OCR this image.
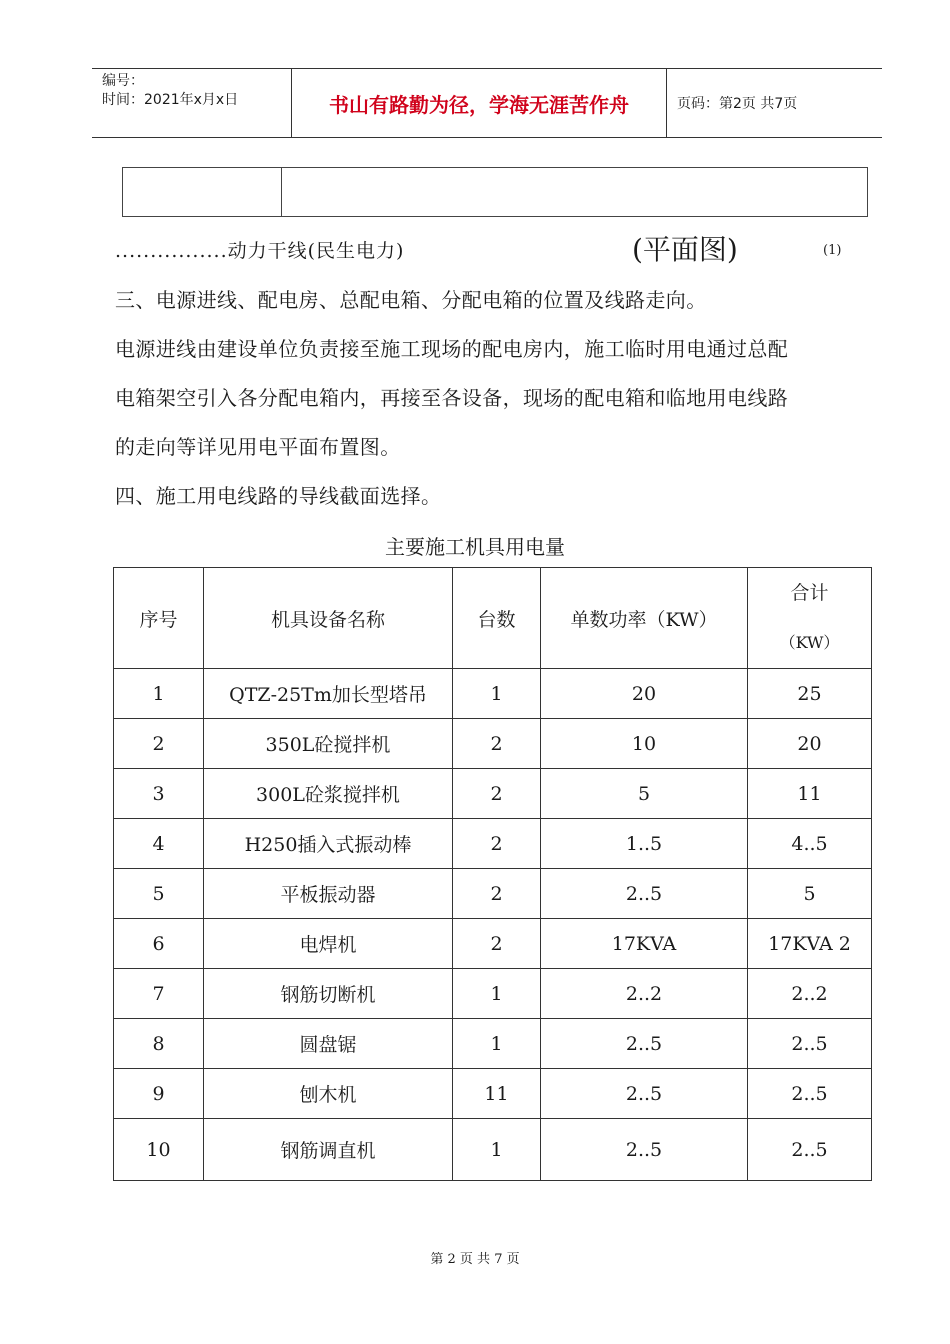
编号：
时间：2021年x月x日	书山有路勤为径，学海无涯苦作舟	页码：第2页 共7页
................动力干线(民生电力)	(平面图)	(1)
三、电源进线、配电房、总配电箱、分配电箱的位置及线路走向。
电源进线由建设单位负责接至施工现场的配电房内，施工临时用电通过总配
电箱架空引入各分配电箱内，再接至各设备，现场的配电箱和临地用电线路
的走向等详见用电平面布置图。
四、施工用电线路的导线截面选择。
主要施工机具用电量
序号	机具设备名称	台数	单数功率（KW）	合计
（KW）

1	QTZ-25Tm加长型塔吊	1	20	25
2	350L砼搅拌机	2	10	20
3	300L砼浆搅拌机	2	5	11
4	H250插入式振动棒	2	1..5	4..5
5	平板振动器	2	2..5	5
6	电焊机	2	17KVA	17KVA 2
7	钢筋切断机	1	2..2	2..2
8	圆盘锯	1	2..5	2..5
9	刨木机	11	2..5	2..5
10	钢筋调直机	1	2..5	2..5
第 2 页 共 7 页
